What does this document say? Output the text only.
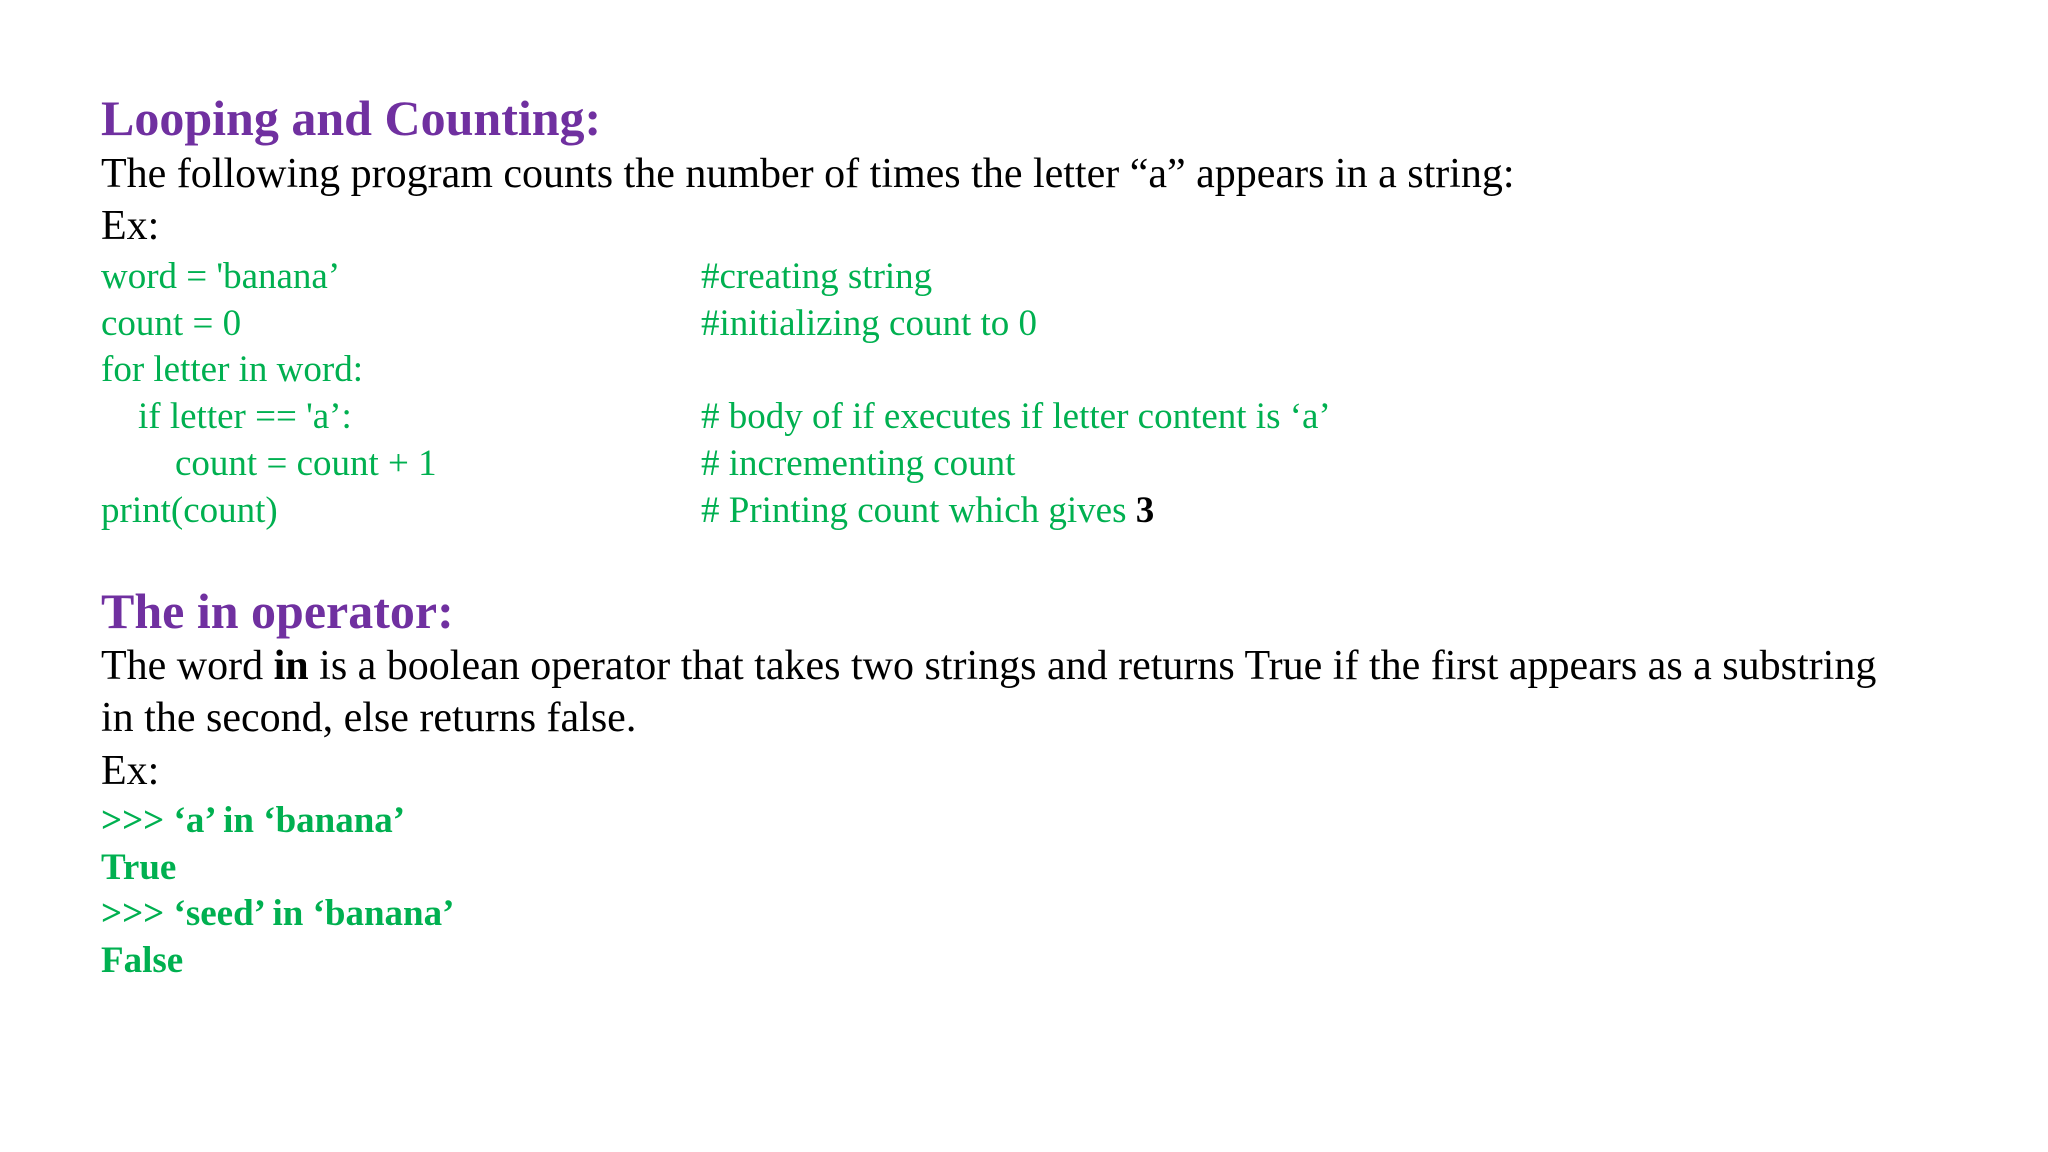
Looping and Counting:
The following program counts the number of times the letter “a” appears in a string:
Ex:
word = 'banana’	#creating string
count = 0	#initializing count to 0
for letter in word:
if letter == 'a’:	# body of if executes if letter content is ‘a’
count = count + 1	# incrementing count
print(count)	# Printing count which gives 3
The in operator:
The word in is a boolean operator that takes two strings and returns True if the first appears as a substring
in the second, else returns false.
Ex:
>>> ‘a’ in ‘banana’
True
>>> ‘seed’ in ‘banana’
False
